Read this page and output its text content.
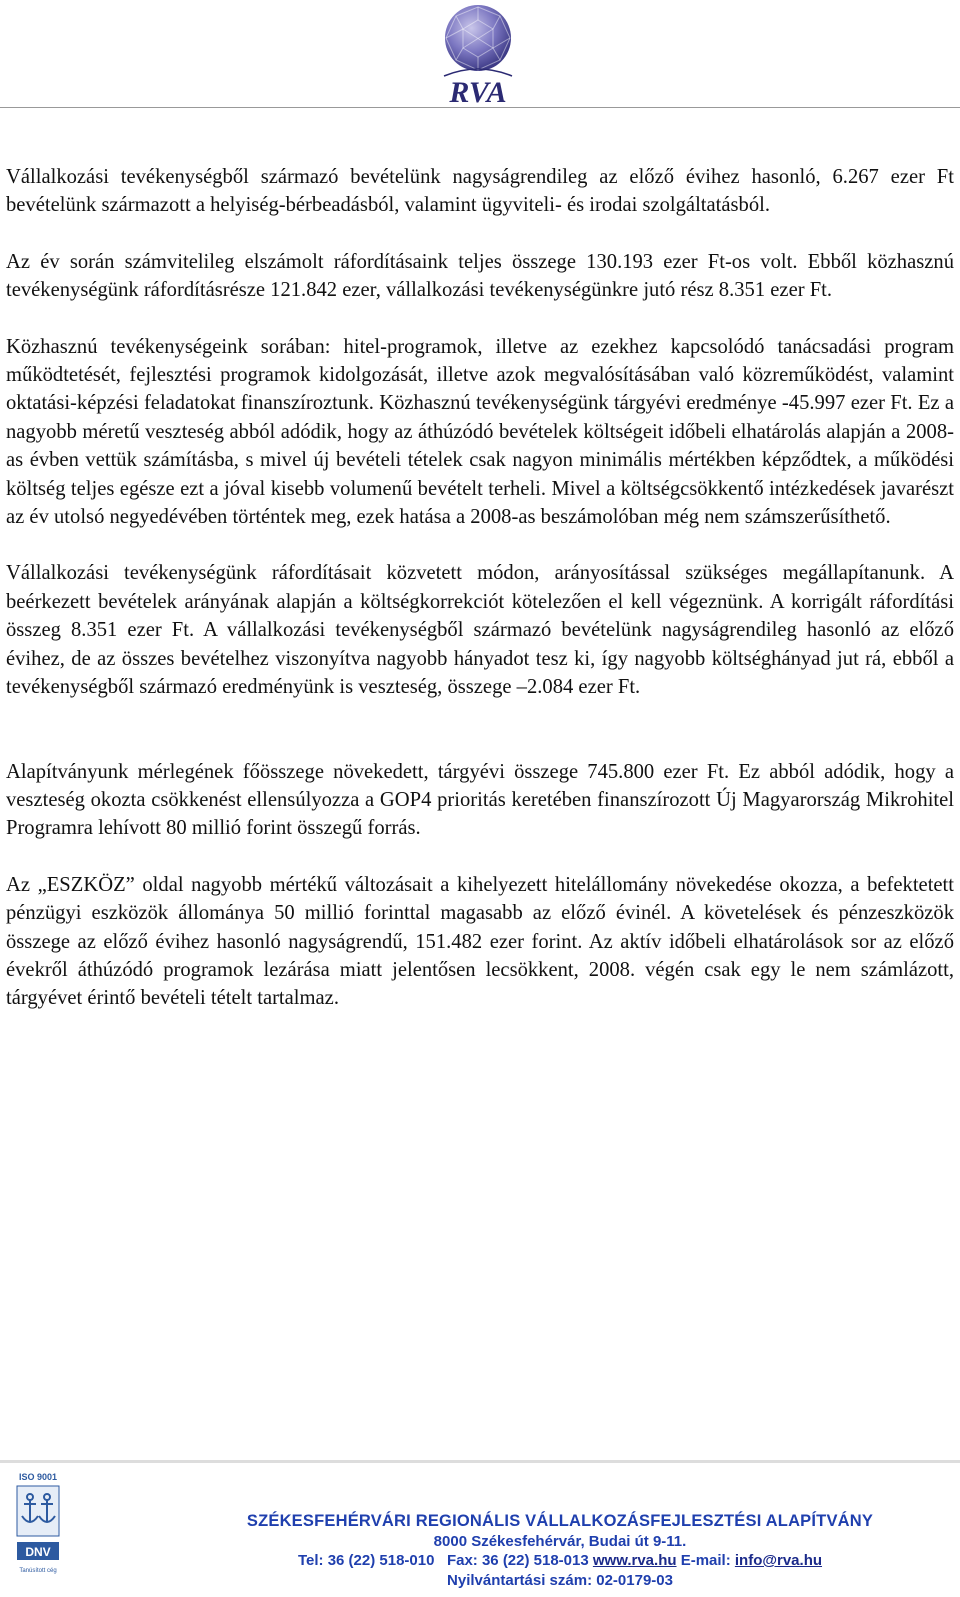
RVA

Vállalkozási tevékenységből származó bevételünk nagyságrendileg az előző évihez hasonló, 6.267 ezer Ft bevételünk származott a helyiség-bérbeadásból, valamint ügyviteli- és irodai szolgáltatásból.

Az év során számvitelileg elszámolt ráfordításaink teljes összege 130.193 ezer Ft-os volt. Ebből közhasznú tevékenységünk ráfordításrésze 121.842 ezer, vállalkozási tevékenységünkre jutó rész 8.351 ezer Ft.

Közhasznú tevékenységeink sorában: hitel-programok, illetve az ezekhez kapcsolódó tanácsadási program működtetését, fejlesztési programok kidolgozását, illetve azok megvalósításában való közreműködést, valamint oktatási-képzési feladatokat finanszíroztunk. Közhasznú tevékenységünk tárgyévi eredménye -45.997 ezer Ft. Ez a nagyobb méretű veszteség abból adódik, hogy az áthúzódó bevételek költségeit időbeli elhatárolás alapján a 2008-as évben vettük számításba, s mivel új bevételi tételek csak nagyon minimális mértékben képződtek, a működési költség teljes egésze ezt a jóval kisebb volumenű bevételt terheli. Mivel a költségcsökkentő intézkedések javarészt az év utolsó negyedévében történtek meg, ezek hatása a 2008-as beszámolóban még nem számszerűsíthető.

Vállalkozási tevékenységünk ráfordításait közvetett módon, arányosítással szükséges megállapítanunk. A beérkezett bevételek arányának alapján a költségkorrekciót kötelezően el kell végeznünk. A korrigált ráfordítási összeg 8.351 ezer Ft. A vállalkozási tevékenységből származó bevételünk nagyságrendileg hasonló az előző évihez, de az összes bevételhez viszonyítva nagyobb hányadot tesz ki, így nagyobb költséghányad jut rá, ebből a tevékenységből származó eredményünk is veszteség, összege –2.084 ezer Ft.

Alapítványunk mérlegének főösszege növekedett, tárgyévi összege 745.800 ezer Ft. Ez abból adódik, hogy a veszteség okozta csökkenést ellensúlyozza a GOP4 prioritás keretében finanszírozott Új Magyarország Mikrohitel Programra lehívott 80 millió forint összegű forrás.

Az „ESZKÖZ” oldal nagyobb mértékű változásait a kihelyezett hitelállomány növekedése okozza, a befektetett pénzügyi eszközök állománya 50 millió forinttal magasabb az előző évinél. A követelések és pénzeszközök összege az előző évihez hasonló nagyságrendű, 151.482 ezer forint. Az aktív időbeli elhatárolások sor az előző évekről áthúzódó programok lezárása miatt jelentősen lecsökkent, 2008. végén csak egy le nem számlázott, tárgyévet érintő bevételi tételt tartalmaz.

ISO 9001
DNV
Tanúsított cég
SZÉKESFEHÉRVÁRI REGIONÁLIS VÁLLALKOZÁSFEJLESZTÉSI ALAPÍTVÁNY
8000 Székesfehérvár, Budai út 9-11.
Tel: 36 (22) 518-010 Fax: 36 (22) 518-013 www.rva.hu E-mail: info@rva.hu
Nyilvántartási szám: 02-0179-03
